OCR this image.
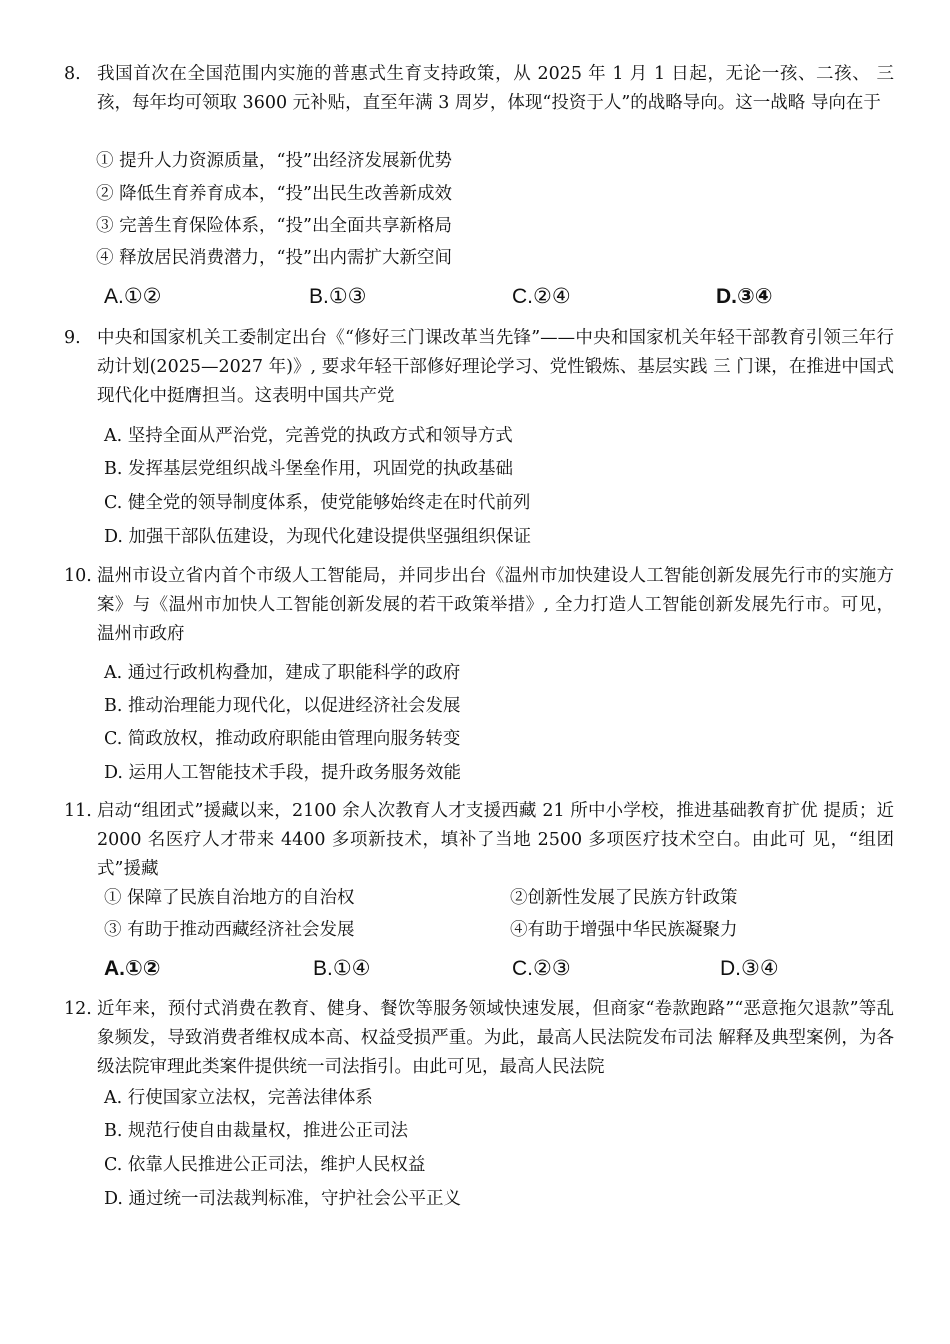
8. 我国首次在全国范围内实施的普惠式生育支持政策，从 2025 年 1 月 1 日起，无论一孩、二孩、 三孩，每年均可领取 3600 元补贴，直至年满 3 周岁，体现“投资于人”的战略导向。这一战略 导向在于
① 提升人力资源质量，“投”出经济发展新优势
② 降低生育养育成本，“投”出民生改善新成效
③ 完善生育保险体系，“投”出全面共享新格局
④ 释放居民消费潜力，“投”出内需扩大新空间
A.①②	B.①③	C.②④	D.③④
9. 中央和国家机关工委制定出台《“修好三门课改革当先锋”——中央和国家机关年轻干部教育引领三年行动计划(2025—2027 年)》, 要求年轻干部修好理论学习、党性锻炼、基层实践 三 门课，在推进中国式现代化中挺膺担当。这表明中国共产党
A. 坚持全面从严治党，完善党的执政方式和领导方式
B. 发挥基层党组织战斗堡垒作用，巩固党的执政基础
C. 健全党的领导制度体系，使党能够始终走在时代前列
D. 加强干部队伍建设，为现代化建设提供坚强组织保证
10. 温州市设立省内首个市级人工智能局，并同步出台《温州市加快建设人工智能创新发展先行市的实施方案》与《温州市加快人工智能创新发展的若干政策举措》, 全力打造人工智能创新发展先行市。可见，温州市政府
A. 通过行政机构叠加，建成了职能科学的政府
B. 推动治理能力现代化，以促进经济社会发展
C. 简政放权，推动政府职能由管理向服务转变
D. 运用人工智能技术手段，提升政务服务效能
11. 启动“组团式”援藏以来，2100 余人次教育人才支援西藏 21 所中小学校，推进基础教育扩优 提质；近 2000 名医疗人才带来 4400 多项新技术，填补了当地 2500 多项医疗技术空白。由此可 见，“组团式”援藏
① 保障了民族自治地方的自治权	②创新性发展了民族方针政策
③ 有助于推动西藏经济社会发展	④有助于增强中华民族凝聚力
A.①②	B.①④	C.②③	D.③④
12. 近年来，预付式消费在教育、健身、餐饮等服务领域快速发展，但商家“卷款跑路”“恶意拖欠退款”等乱象频发，导致消费者维权成本高、权益受损严重。为此，最高人民法院发布司法 解释及典型案例，为各级法院审理此类案件提供统一司法指引。由此可见，最高人民法院
A. 行使国家立法权，完善法律体系
B. 规范行使自由裁量权，推进公正司法
C. 依靠人民推进公正司法，维护人民权益
D. 通过统一司法裁判标准，守护社会公平正义
